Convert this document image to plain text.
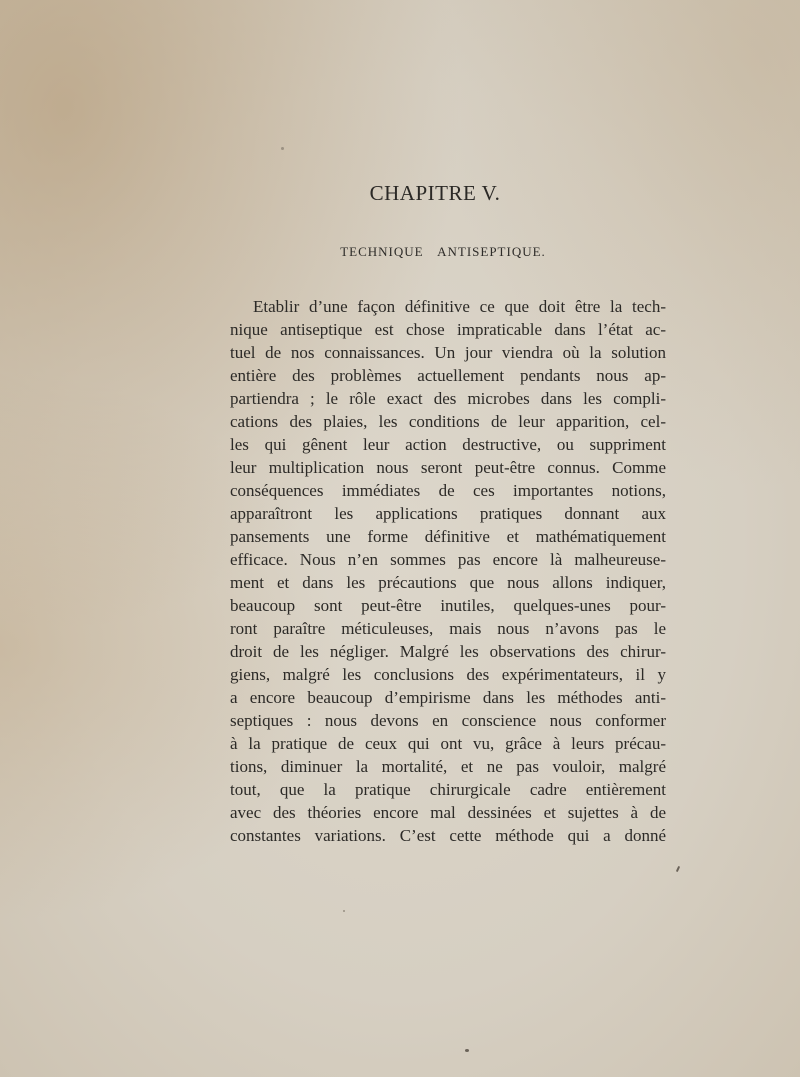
CHAPITRE V.
TECHNIQUE ANTISEPTIQUE.
Etablir d’une façon définitive ce que doit être la tech-
nique antiseptique est chose impraticable dans l’état ac-
tuel de nos connaissances. Un jour viendra où la solution
entière des problèmes actuellement pendants nous ap-
partiendra ; le rôle exact des microbes dans les compli-
cations des plaies, les conditions de leur apparition, cel-
les qui gênent leur action destructive, ou suppriment
leur multiplication nous seront peut-être connus. Comme
conséquences immédiates de ces importantes notions,
apparaîtront les applications pratiques donnant aux
pansements une forme définitive et mathématiquement
efficace. Nous n’en sommes pas encore là malheureuse-
ment et dans les précautions que nous allons indiquer,
beaucoup sont peut-être inutiles, quelques-unes pour-
ront paraître méticuleuses, mais nous n’avons pas le
droit de les négliger. Malgré les observations des chirur-
giens, malgré les conclusions des expérimentateurs, il y
a encore beaucoup d’empirisme dans les méthodes anti-
septiques : nous devons en conscience nous conformer
à la pratique de ceux qui ont vu, grâce à leurs précau-
tions, diminuer la mortalité, et ne pas vouloir, malgré
tout, que la pratique chirurgicale cadre entièrement
avec des théories encore mal dessinées et sujettes à de
constantes variations. C’est cette méthode qui a donné
